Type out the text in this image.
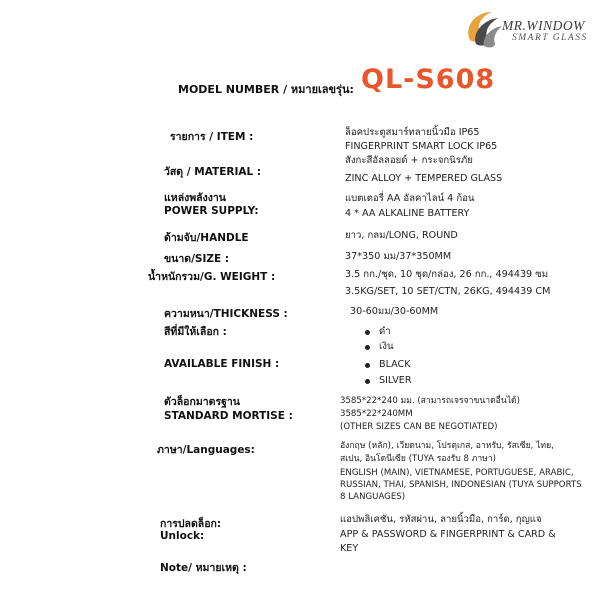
MR.WINDOW
SMART GLASS
MODEL NUMBER / หมายเลขรุ่น: QL-S608
รายการ / ITEM :	ล็อคประตูสมาร์ทลายนิ้วมือ IP65
FINGERPRINT SMART LOCK IP65
วัสดุ / MATERIAL :
สังกะสีอัลลอยด์ + กระจกนิรภัย
ZINC ALLOY + TEMPERED GLASS
แหล่งพลังงาน
POWER SUPPLY:
แบตเตอรี่ AA อัลคาไลน์ 4 ก้อน
4 * AA ALKALINE BATTERY
ด้ามจับ/HANDLE	ยาว, กลม/LONG, ROUND
ขนาด/SIZE :	37*350 มม/37*350MM
น้ำหนักรวม/G. WEIGHT :	3.5 กก./ชุด, 10 ชุด/กล่อง, 26 กก., 494439 ซม
3.5KG/SET, 10 SET/CTN, 26KG, 494439 CM
ความหนา/THICKNESS :	30-60มม/30-60MM
สีที่มีให้เลือก :	ดำ
เงิน
AVAILABLE FINISH :	BLACK
SILVER
ตัวล็อกมาตรฐาน
STANDARD MORTISE :
3585*22*240 มม. (สามารถเจรจาขนาดอื่นได้)
3585*22*240MM
(OTHER SIZES CAN BE NEGOTIATED)
ภาษา/Languages:	อังกฤษ (หลัก), เวียดนาม, โปรตุเกส, อาหรับ, รัสเซีย, ไทย,
สเปน, อินโดนีเซีย (TUYA รองรับ 8 ภาษา)
ENGLISH (MAIN), VIETNAMESE, PORTUGUESE, ARABIC,
RUSSIAN, THAI, SPANISH, INDONESIAN (TUYA SUPPORTS
8 LANGUAGES)
การปลดล็อก:
Unlock:
แอปพลิเคชัน, รหัสผ่าน, ลายนิ้วมือ, การ์ด, กุญแจ
APP & PASSWORD & FINGERPRINT & CARD &
KEY
Note/ หมายเหตุ :
